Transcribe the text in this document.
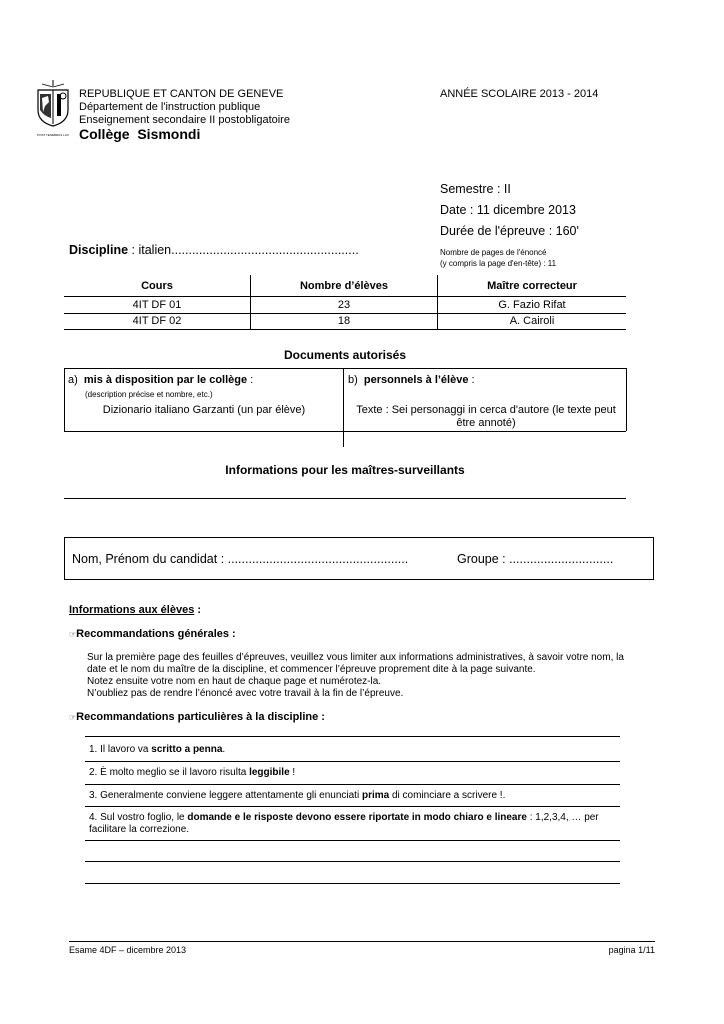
POST TENEBRAS LUX
REPUBLIQUE ET CANTON DE GENEVE
Département de l'instruction publique
Enseignement secondaire II postobligatoire
Collège  Sismondi
ANNÉE SCOLAIRE 2013 - 2014
Semestre : II
Date : 11 dicembre 2013
Durée de l'épreuve : 160'
Nombre de pages de l'énoncé
(y compris la page d'en-tête) : 11
Discipline : italien......................................................
Cours	Nombre d’élèves	Maître correcteur
4IT DF 01	23	G. Fazio Rifat
4IT DF 02	18	A. Cairoli
Documents autorisés
a) mis à disposition par le collège :
(description précise et nombre, etc.)
Dizionario italiano Garzanti (un par élève)
b) personnels à l’élève :
Texte : Sei personaggi in cerca d'autore (le texte peut être annoté)
Informations pour les maîtres-surveillants
Nom, Prénom du candidat : ....................................................	Groupe : ..............................
Informations aux élèves :
☞Recommandations générales :
Sur la première page des feuilles d’épreuves, veuillez vous limiter aux informations administratives, à savoir votre nom, la
date et le nom du maître de la discipline, et commencer l’épreuve proprement dite à la page suivante.
Notez ensuite votre nom en haut de chaque page et numérotez-la.
N’oubliez pas de rendre l’énoncé avec votre travail à la fin de l’épreuve.
☞Recommandations particulières à la discipline :
1. Il lavoro va scritto a penna.
2. È molto meglio se il lavoro risulta leggibile !
3. Generalmente conviene leggere attentamente gli enunciati prima di cominciare a scrivere !.
4. Sul vostro foglio, le domande e le risposte devono essere riportate in modo chiaro e lineare : 1,2,3,4, … per facilitare la correzione.
Esame 4DF – dicembre 2013	pagina 1/11
